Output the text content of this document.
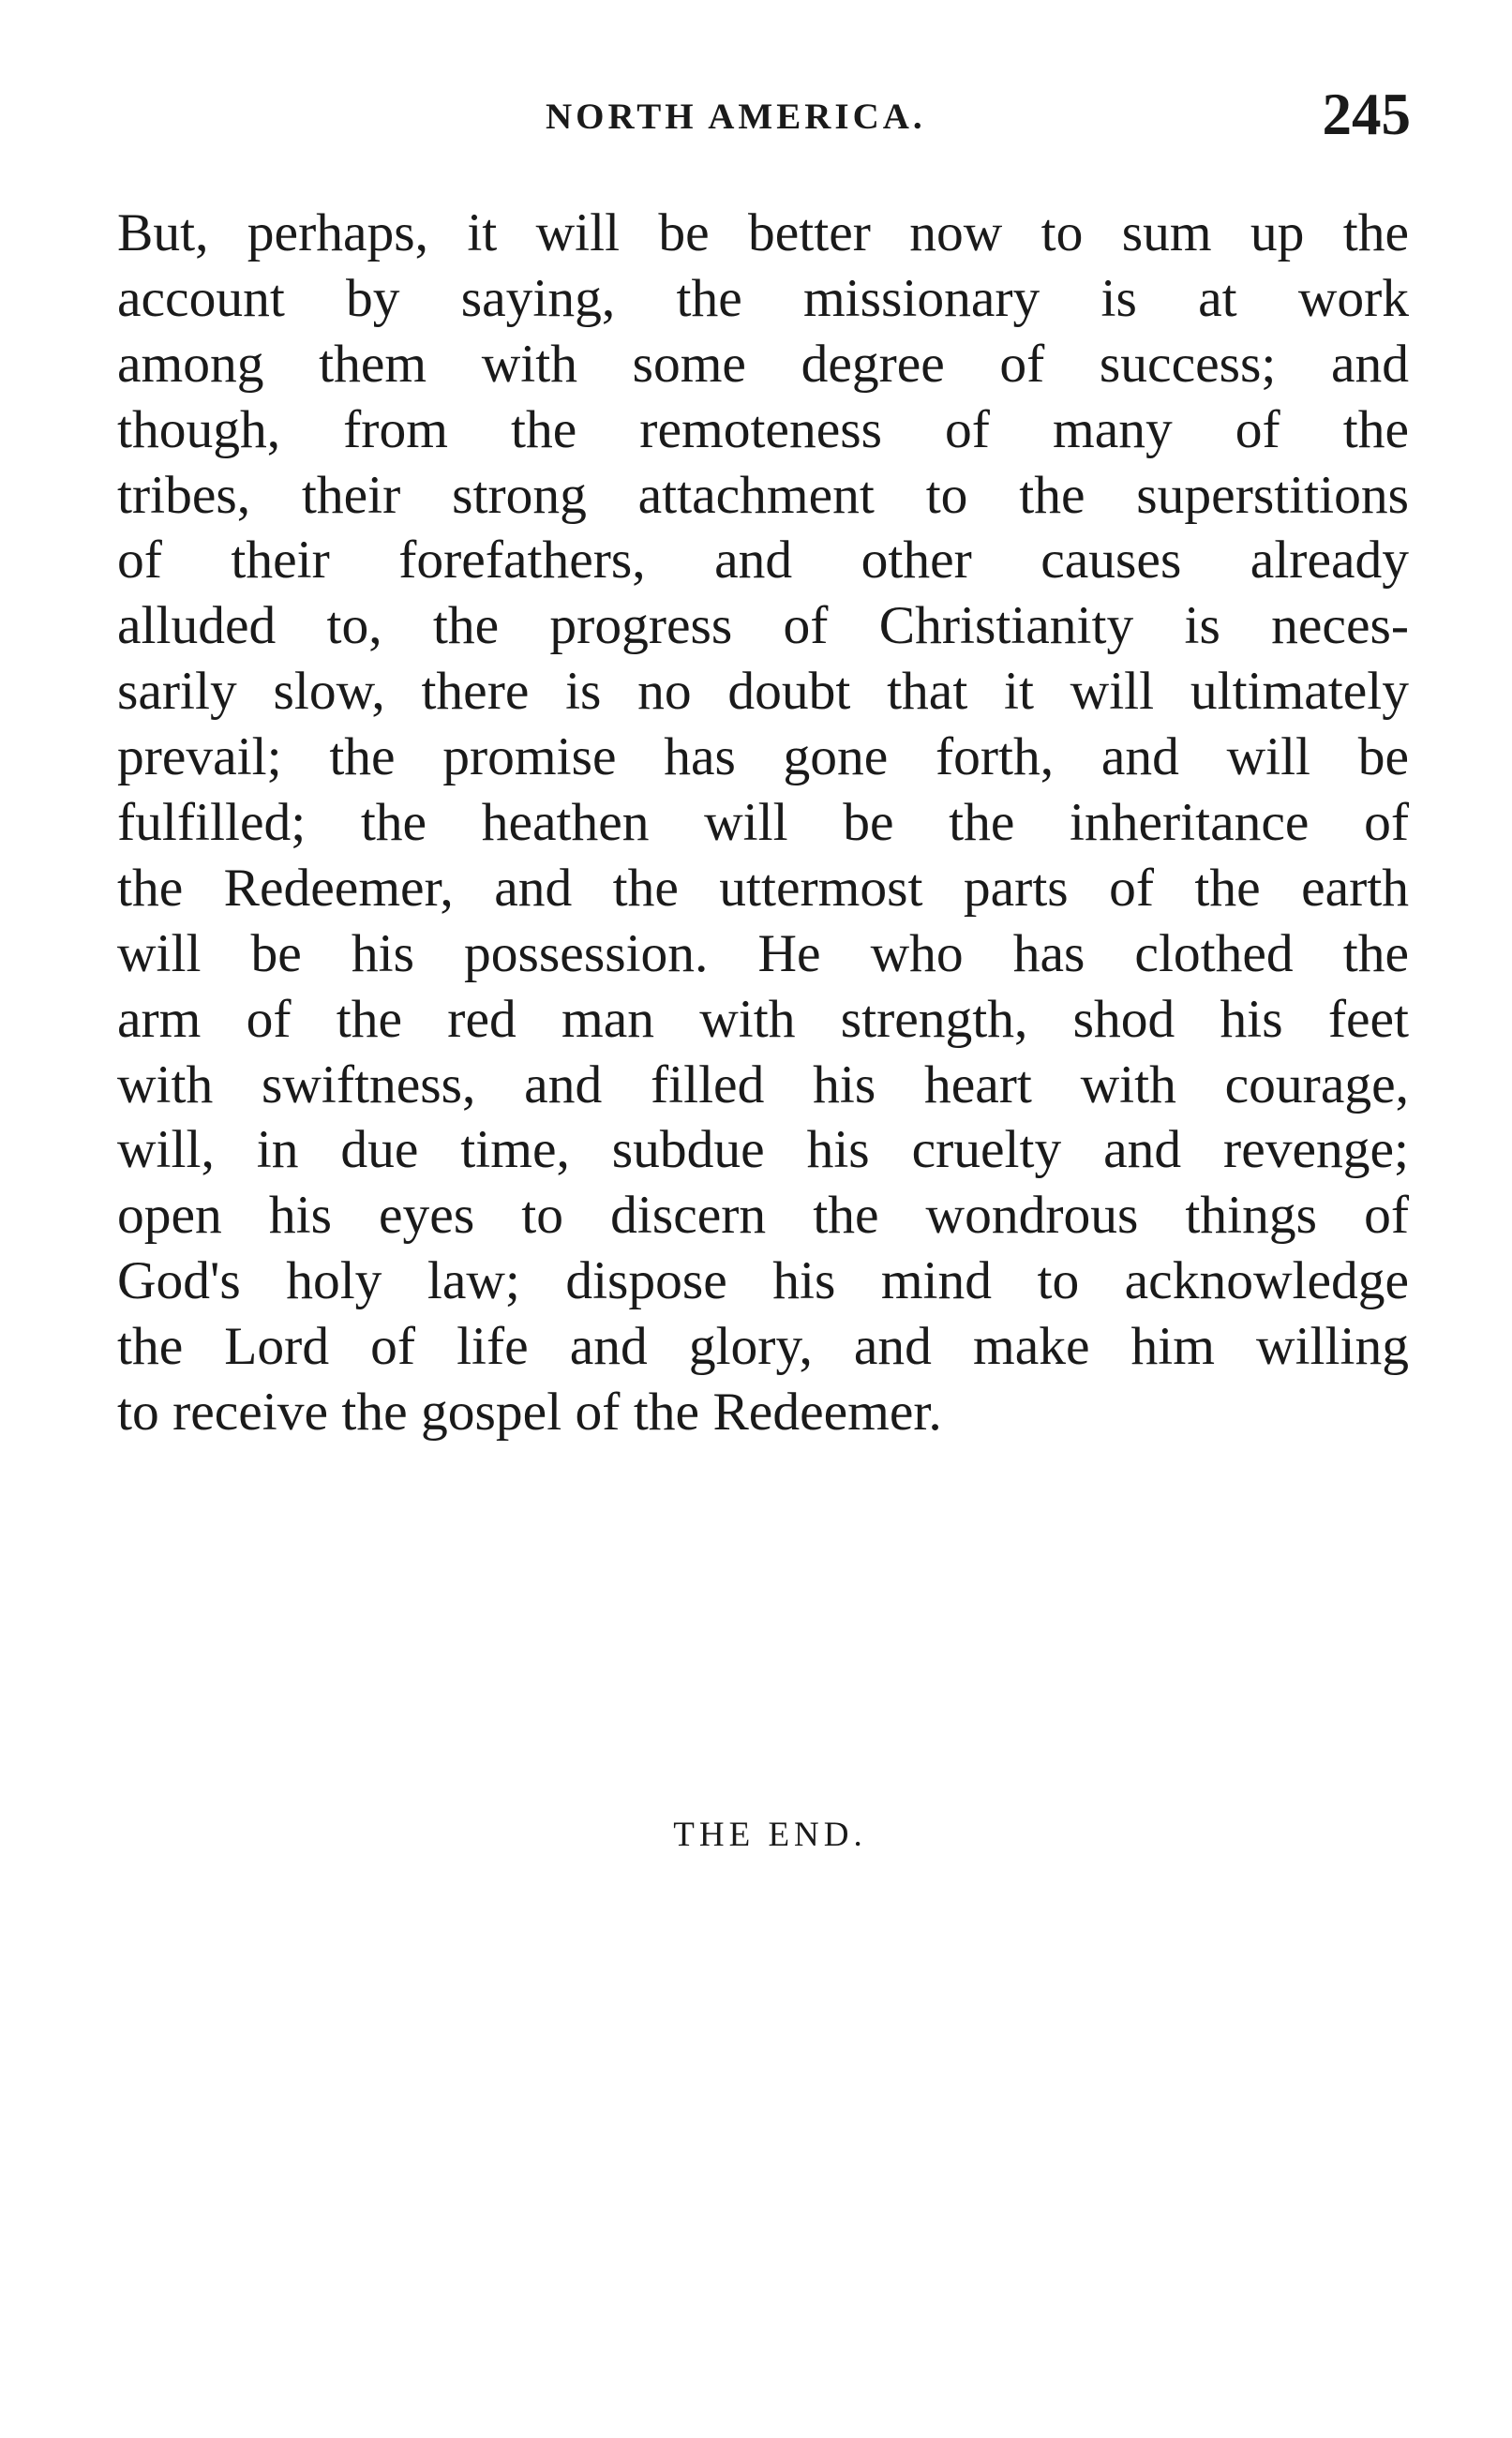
NORTH AMERICA.	245
But, perhaps, it will be better now to sum up the
account by saying, the missionary is at work
among them with some degree of success; and
though, from the remoteness of many of the
tribes, their strong attachment to the superstitions
of their forefathers, and other causes already
alluded to, the progress of Christianity is neces-
sarily slow, there is no doubt that it will ultimately
prevail; the promise has gone forth, and will be
fulfilled; the heathen will be the inheritance of
the Redeemer, and the uttermost parts of the earth
will be his possession. He who has clothed the
arm of the red man with strength, shod his feet
with swiftness, and filled his heart with courage,
will, in due time, subdue his cruelty and revenge;
open his eyes to discern the wondrous things of
God's holy law; dispose his mind to acknowledge
the Lord of life and glory, and make him willing
to receive the gospel of the Redeemer.
THE END.
